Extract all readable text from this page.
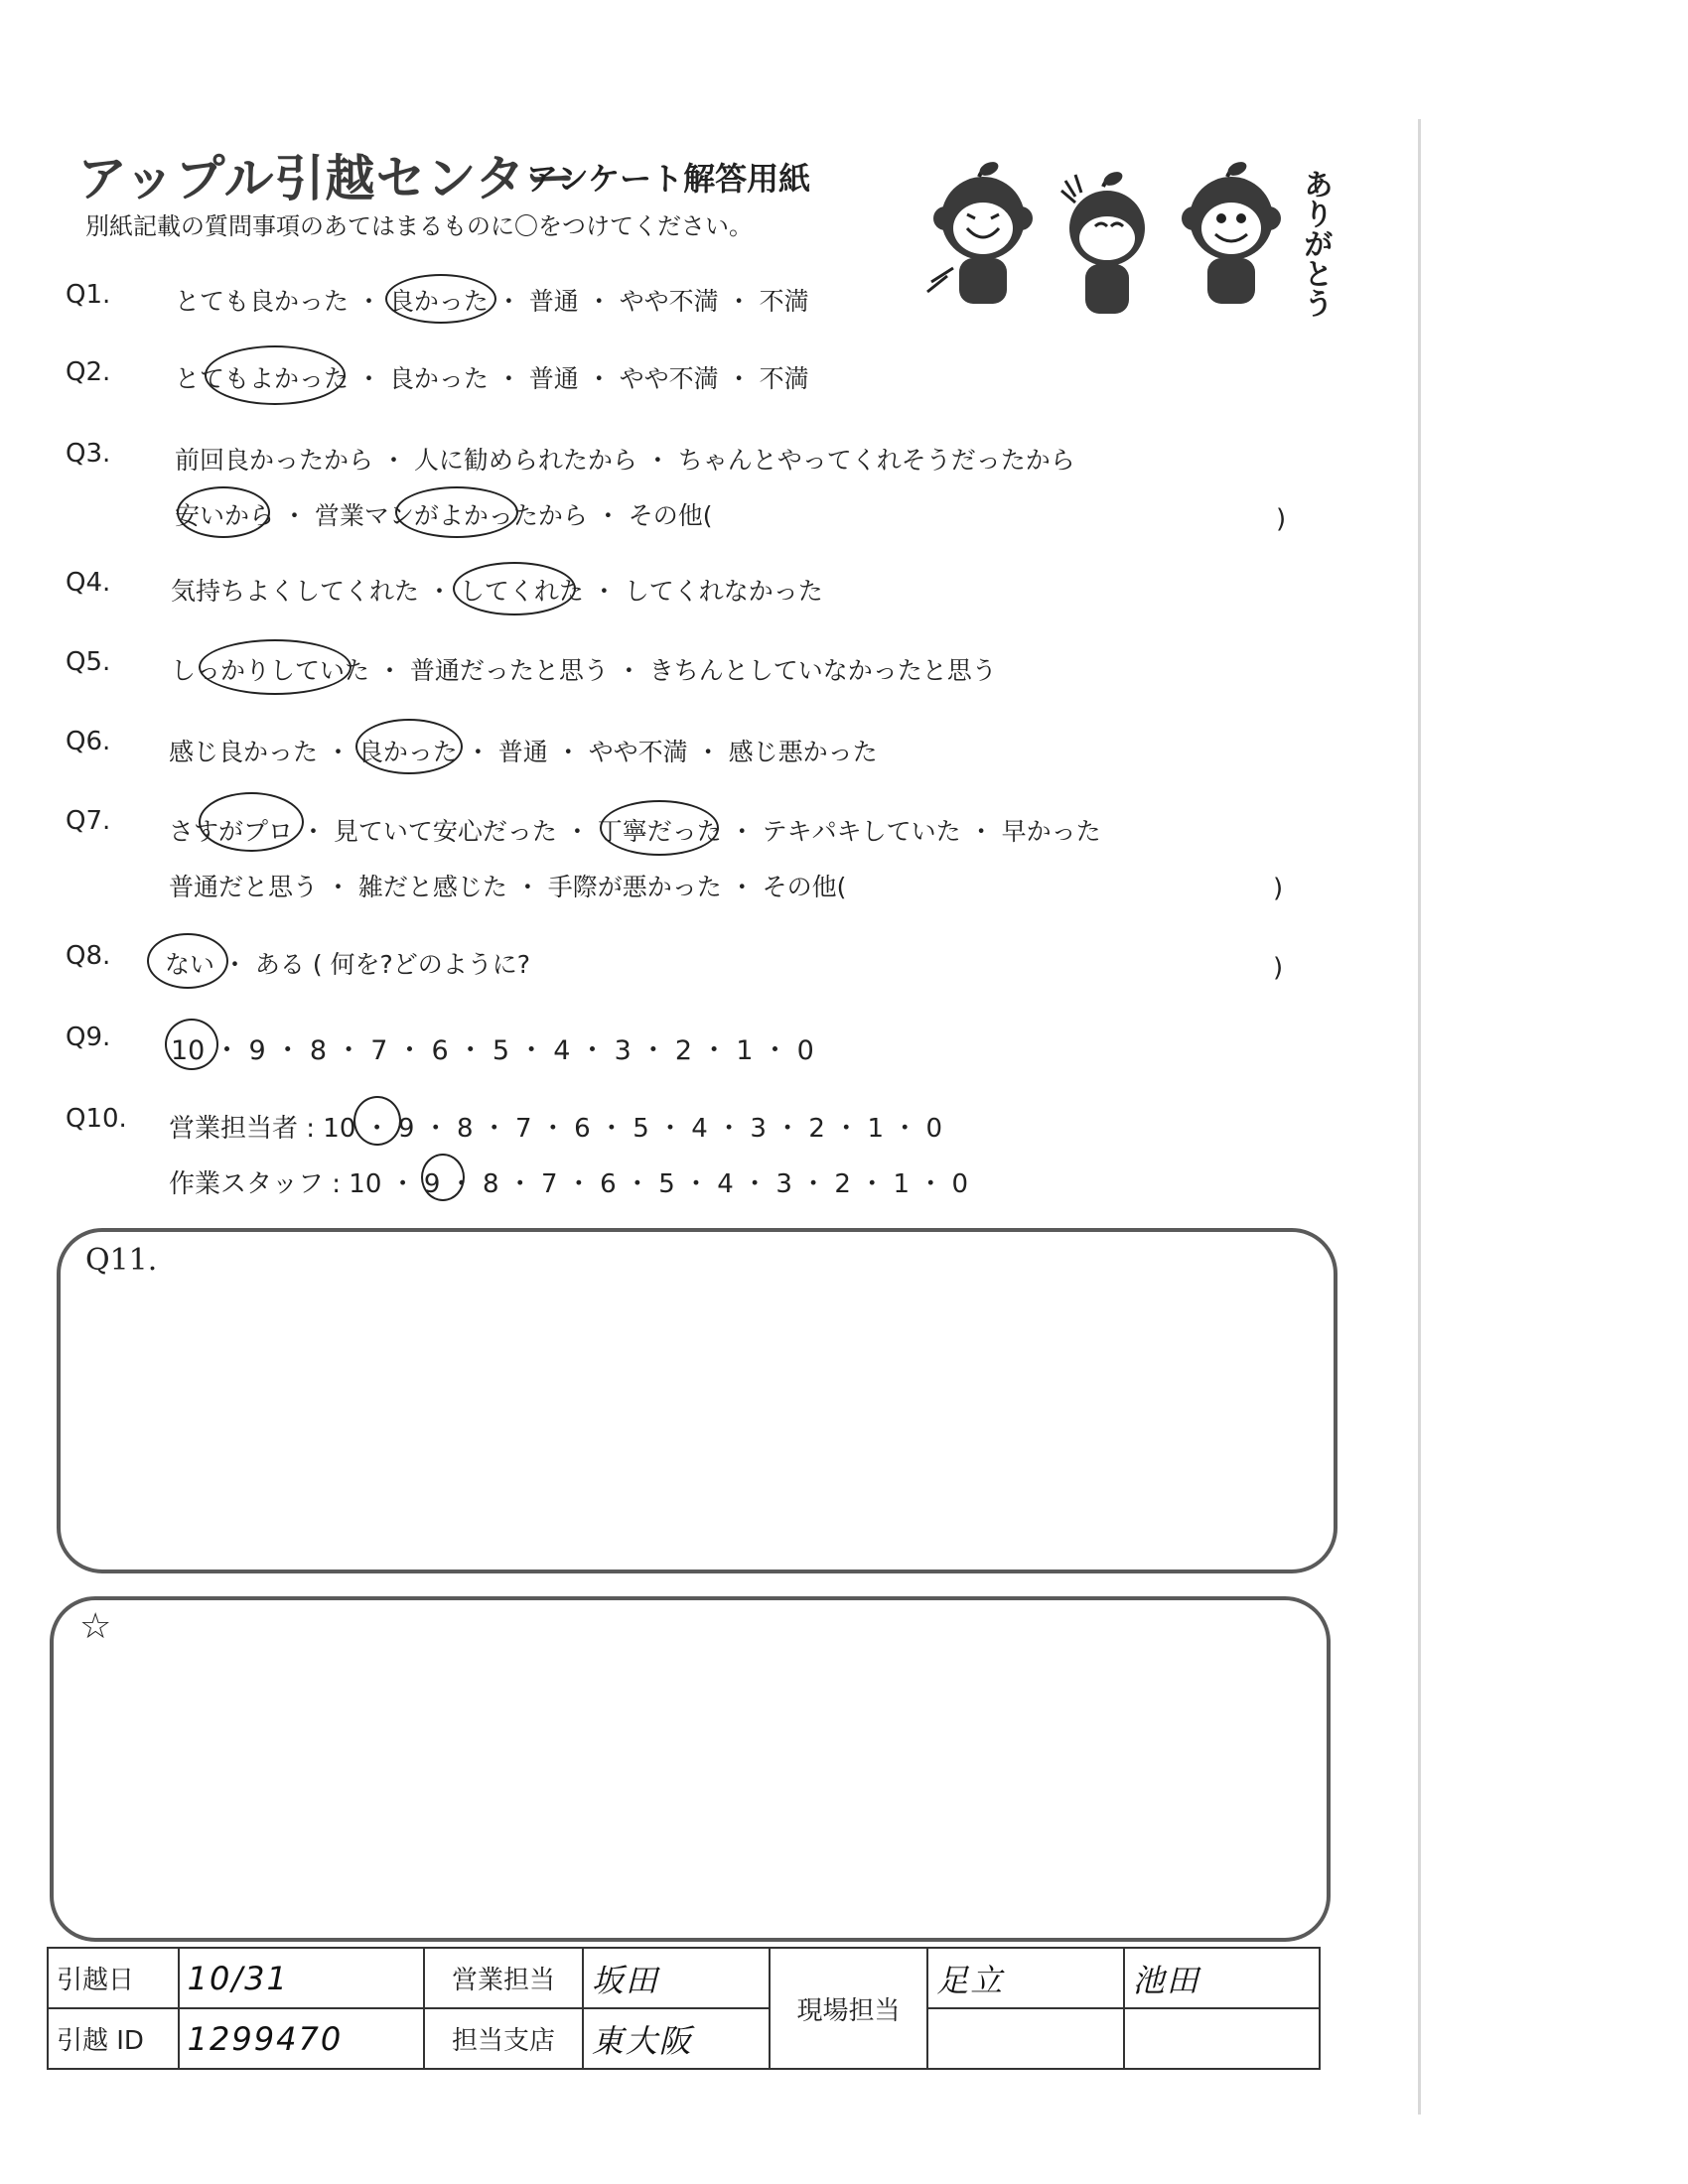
アップル引越センター
アンケート解答用紙
別紙記載の質問事項のあてはまるものに〇をつけてください。	ありがとう
Q1.	とても良かった ・ 良かった ・ 普通 ・ やや不満 ・ 不満
Q2.	とてもよかった ・ 良かった ・ 普通 ・ やや不満 ・ 不満
Q3.	前回良かったから ・ 人に勧められたから ・ ちゃんとやってくれそうだったから
安いから ・ 営業マンがよかったから ・ その他(	)
Q4. 気持ちよくしてくれた ・ してくれた ・ してくれなかった
Q5. しっかりしていた ・ 普通だったと思う ・ きちんとしていなかったと思う
Q6. 感じ良かった ・ 良かった ・ 普通 ・ やや不満 ・ 感じ悪かった
Q7. さすがプロ ・ 見ていて安心だった ・ 丁寧だった ・ テキパキしていた ・ 早かった
普通だと思う ・ 雑だと感じた ・ 手際が悪かった ・ その他(	)
Q8. ない ・ ある ( 何を?どのように?	)
Q9. 10 ・ 9 ・ 8 ・ 7 ・ 6 ・ 5 ・ 4 ・ 3 ・ 2 ・ 1 ・ 0
Q10. 営業担当者 : 10 ・ 9 ・ 8 ・ 7 ・ 6 ・ 5 ・ 4 ・ 3 ・ 2 ・ 1 ・ 0
作業スタッフ : 10 ・ 9 ・ 8 ・ 7 ・ 6 ・ 5 ・ 4 ・ 3 ・ 2 ・ 1 ・ 0
Q11.
☆
引越日	10/31	営業担当	坂田	現場担当	足立	池田
引越 ID	1299470	担当支店	東大阪			
